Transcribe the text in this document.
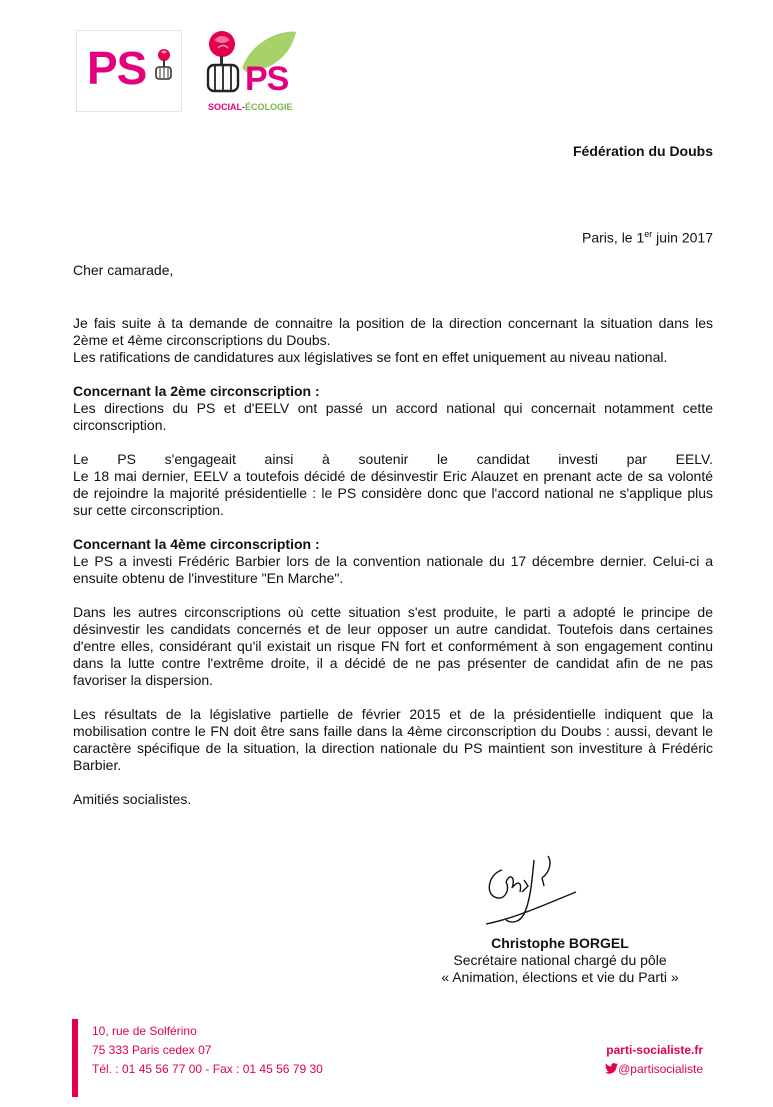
PS	PS
SOCIAL-ÉCOLOGIE
Fédération du Doubs
Paris, le 1er juin 2017

Cher camarade,

Je fais suite à ta demande de connaitre la position de la direction concernant la situation dans les 2ème et 4ème circonscriptions du Doubs.

Les ratifications de candidatures aux législatives se font en effet uniquement au niveau national.

Concernant la 2ème circonscription :

Les directions du PS et d'EELV ont passé un accord national qui concernait notamment cette circonscription.

Le PS s'engageait ainsi à soutenir le candidat investi par EELV.

Le 18 mai dernier, EELV a toutefois décidé de désinvestir Eric Alauzet en prenant acte de sa volonté de rejoindre la majorité présidentielle : le PS considère donc que l'accord national ne s'applique plus sur cette circonscription.

Concernant la 4ème circonscription :

Le PS a investi Frédéric Barbier lors de la convention nationale du 17 décembre dernier. Celui-ci a ensuite obtenu de l'investiture "En Marche".

Dans les autres circonscriptions où cette situation s'est produite, le parti a adopté le principe de désinvestir les candidats concernés et de leur opposer un autre candidat. Toutefois dans certaines d'entre elles, considérant qu'il existait un risque FN fort et conformément à son engagement continu dans la lutte contre l'extrême droite, il a décidé de ne pas présenter de candidat afin de ne pas favoriser la dispersion.

Les résultats de la législative partielle de février 2015 et de la présidentielle indiquent que la mobilisation contre le FN doit être sans faille dans la 4ème circonscription du Doubs : aussi, devant le caractère spécifique de la situation, la direction nationale du PS maintient son investiture à Frédéric Barbier.

Amitiés socialistes.

Christophe BORGEL
Secrétaire national chargé du pôle
« Animation, élections et vie du Parti »
10, rue de Solférino
75 333 Paris cedex 07
Tél. : 01 45 56 77 00 - Fax : 01 45 56 79 30
parti-socialiste.fr
@partisocialiste
